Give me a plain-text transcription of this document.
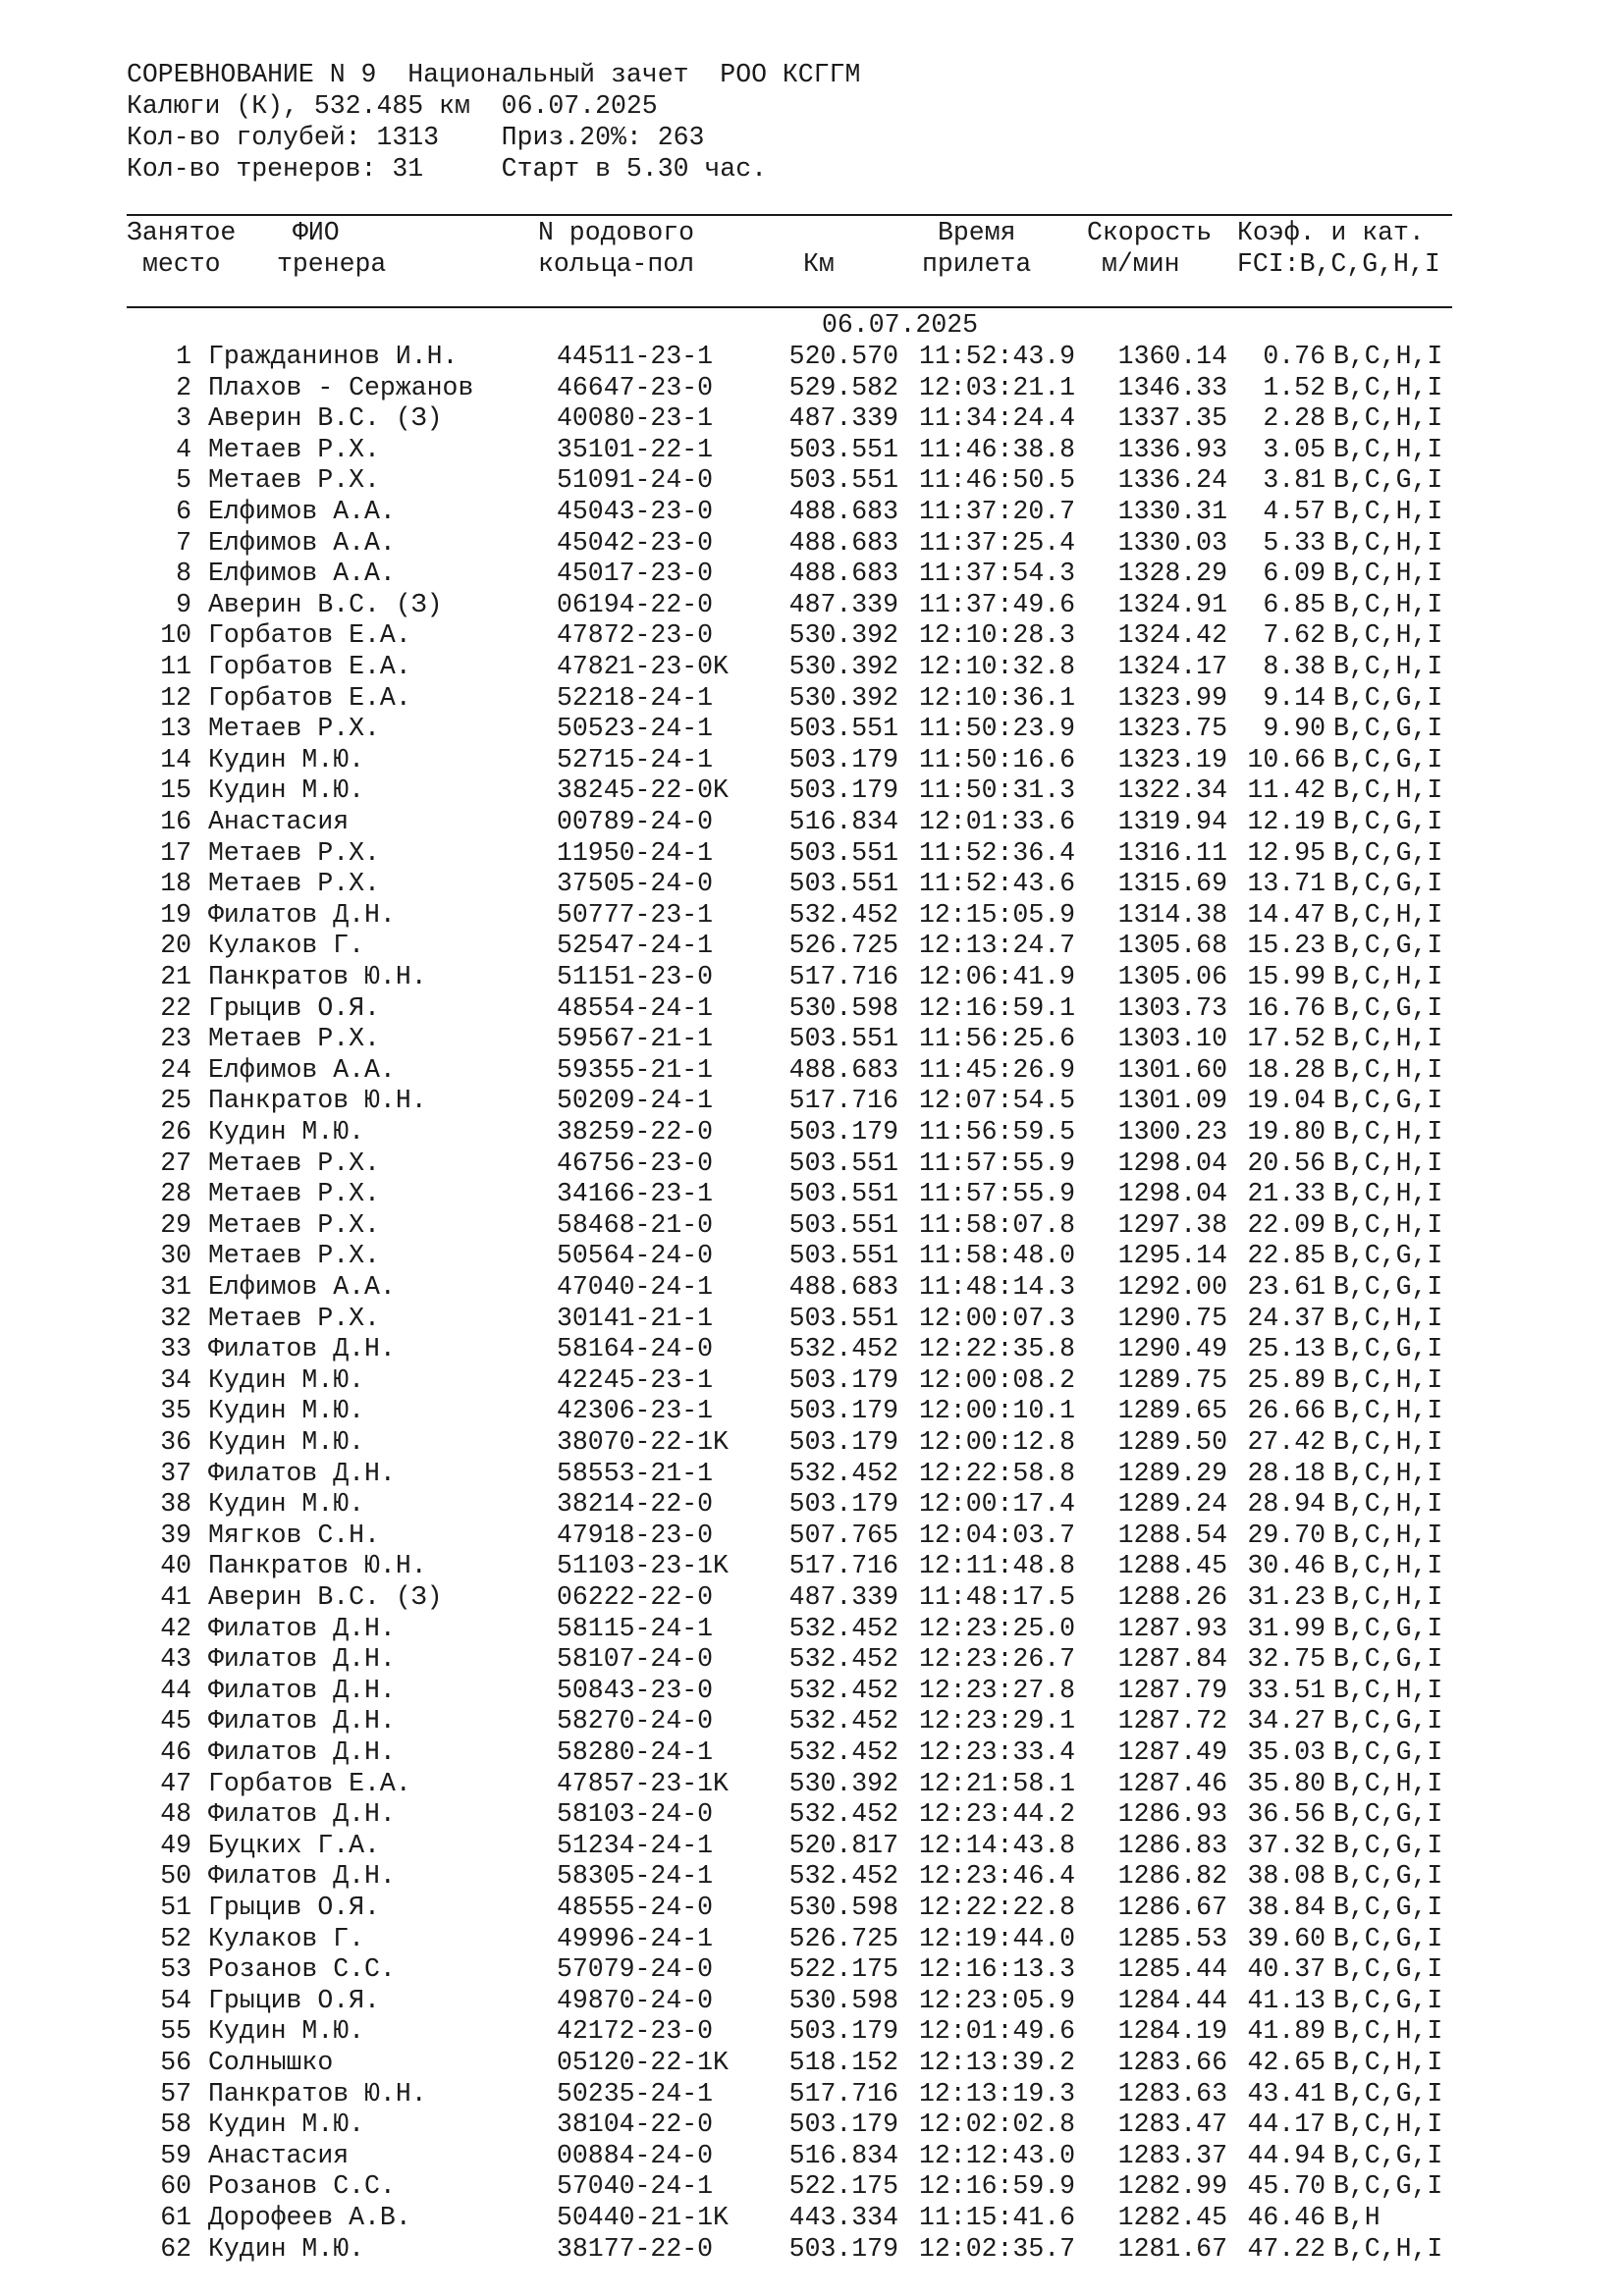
СОРЕВНОВАНИЕ N 9  Национальный зачет  РОО КСГГМ
Калюги (К), 532.485 км  06.07.2025
Кол-во голубей: 1313    Приз.20%: 263
Кол-во тренеров: 31     Старт в 5.30 час.
Занятое ФИО	N родового	Время	Скорость Коэф. и кат.
место тренера	кольца-пол	Км	прилета	м/мин FCI:B,C,G,H,I
06.07.2025
1 Гражданинов И.Н.	44511-23-1	520.570 11:52:43.9	1360.14	0.76 B,C,H,I
2 Плахов - Сержанов	46647-23-0	529.582 12:03:21.1	1346.33	1.52 B,C,H,I
3 Аверин В.С. (З)	40080-23-1	487.339 11:34:24.4	1337.35	2.28 B,C,H,I
4 Метаев Р.Х.	35101-22-1	503.551 11:46:38.8	1336.93	3.05 B,C,H,I
5 Метаев Р.Х.	51091-24-0	503.551 11:46:50.5	1336.24	3.81 B,C,G,I
6 Елфимов А.А.	45043-23-0	488.683 11:37:20.7	1330.31	4.57 B,C,H,I
7 Елфимов А.А.	45042-23-0	488.683 11:37:25.4	1330.03	5.33 B,C,H,I
8 Елфимов А.А.	45017-23-0	488.683 11:37:54.3	1328.29	6.09 B,C,H,I
9 Аверин В.С. (З)	06194-22-0	487.339 11:37:49.6	1324.91	6.85 B,C,H,I
10 Горбатов Е.А.	47872-23-0	530.392 12:10:28.3	1324.42	7.62 B,C,H,I
11 Горбатов Е.А.	47821-23-0K	530.392 12:10:32.8	1324.17	8.38 B,C,H,I
12 Горбатов Е.А.	52218-24-1	530.392 12:10:36.1	1323.99	9.14 B,C,G,I
13 Метаев Р.Х.	50523-24-1	503.551 11:50:23.9	1323.75	9.90 B,C,G,I
14 Кудин М.Ю.	52715-24-1	503.179 11:50:16.6	1323.19 10.66 B,C,G,I
15 Кудин М.Ю.	38245-22-0K	503.179 11:50:31.3	1322.34 11.42 B,C,H,I
16 Анастасия	00789-24-0	516.834 12:01:33.6	1319.94 12.19 B,C,G,I
17 Метаев Р.Х.	11950-24-1	503.551 11:52:36.4	1316.11 12.95 B,C,G,I
18 Метаев Р.Х.	37505-24-0	503.551 11:52:43.6	1315.69 13.71 B,C,G,I
19 Филатов Д.Н.	50777-23-1	532.452 12:15:05.9	1314.38 14.47 B,C,H,I
20 Кулаков Г.	52547-24-1	526.725 12:13:24.7	1305.68 15.23 B,C,G,I
21 Панкратов Ю.Н.	51151-23-0	517.716 12:06:41.9	1305.06 15.99 B,C,H,I
22 Грыцив О.Я.	48554-24-1	530.598 12:16:59.1	1303.73 16.76 B,C,G,I
23 Метаев Р.Х.	59567-21-1	503.551 11:56:25.6	1303.10 17.52 B,C,H,I
24 Елфимов А.А.	59355-21-1	488.683 11:45:26.9	1301.60 18.28 B,C,H,I
25 Панкратов Ю.Н.	50209-24-1	517.716 12:07:54.5	1301.09 19.04 B,C,G,I
26 Кудин М.Ю.	38259-22-0	503.179 11:56:59.5	1300.23 19.80 B,C,H,I
27 Метаев Р.Х.	46756-23-0	503.551 11:57:55.9	1298.04 20.56 B,C,H,I
28 Метаев Р.Х.	34166-23-1	503.551 11:57:55.9	1298.04 21.33 B,C,H,I
29 Метаев Р.Х.	58468-21-0	503.551 11:58:07.8	1297.38 22.09 B,C,H,I
30 Метаев Р.Х.	50564-24-0	503.551 11:58:48.0	1295.14 22.85 B,C,G,I
31 Елфимов А.А.	47040-24-1	488.683 11:48:14.3	1292.00 23.61 B,C,G,I
32 Метаев Р.Х.	30141-21-1	503.551 12:00:07.3	1290.75 24.37 B,C,H,I
33 Филатов Д.Н.	58164-24-0	532.452 12:22:35.8	1290.49 25.13 B,C,G,I
34 Кудин М.Ю.	42245-23-1	503.179 12:00:08.2	1289.75 25.89 B,C,H,I
35 Кудин М.Ю.	42306-23-1	503.179 12:00:10.1	1289.65 26.66 B,C,H,I
36 Кудин М.Ю.	38070-22-1K	503.179 12:00:12.8	1289.50 27.42 B,C,H,I
37 Филатов Д.Н.	58553-21-1	532.452 12:22:58.8	1289.29 28.18 B,C,H,I
38 Кудин М.Ю.	38214-22-0	503.179 12:00:17.4	1289.24 28.94 B,C,H,I
39 Мягков С.Н.	47918-23-0	507.765 12:04:03.7	1288.54 29.70 B,C,H,I
40 Панкратов Ю.Н.	51103-23-1K	517.716 12:11:48.8	1288.45 30.46 B,C,H,I
41 Аверин В.С. (З)	06222-22-0	487.339 11:48:17.5	1288.26 31.23 B,C,H,I
42 Филатов Д.Н.	58115-24-1	532.452 12:23:25.0	1287.93 31.99 B,C,G,I
43 Филатов Д.Н.	58107-24-0	532.452 12:23:26.7	1287.84 32.75 B,C,G,I
44 Филатов Д.Н.	50843-23-0	532.452 12:23:27.8	1287.79 33.51 B,C,H,I
45 Филатов Д.Н.	58270-24-0	532.452 12:23:29.1	1287.72 34.27 B,C,G,I
46 Филатов Д.Н.	58280-24-1	532.452 12:23:33.4	1287.49 35.03 B,C,G,I
47 Горбатов Е.А.	47857-23-1K	530.392 12:21:58.1	1287.46 35.80 B,C,H,I
48 Филатов Д.Н.	58103-24-0	532.452 12:23:44.2	1286.93 36.56 B,C,G,I
49 Буцких Г.А.	51234-24-1	520.817 12:14:43.8	1286.83 37.32 B,C,G,I
50 Филатов Д.Н.	58305-24-1	532.452 12:23:46.4	1286.82 38.08 B,C,G,I
51 Грыцив О.Я.	48555-24-0	530.598 12:22:22.8	1286.67 38.84 B,C,G,I
52 Кулаков Г.	49996-24-1	526.725 12:19:44.0	1285.53 39.60 B,C,G,I
53 Розанов С.С.	57079-24-0	522.175 12:16:13.3	1285.44 40.37 B,C,G,I
54 Грыцив О.Я.	49870-24-0	530.598 12:23:05.9	1284.44 41.13 B,C,G,I
55 Кудин М.Ю.	42172-23-0	503.179 12:01:49.6	1284.19 41.89 B,C,H,I
56 Солнышко	05120-22-1K	518.152 12:13:39.2	1283.66 42.65 B,C,H,I
57 Панкратов Ю.Н.	50235-24-1	517.716 12:13:19.3	1283.63 43.41 B,C,G,I
58 Кудин М.Ю.	38104-22-0	503.179 12:02:02.8	1283.47 44.17 B,C,H,I
59 Анастасия	00884-24-0	516.834 12:12:43.0	1283.37 44.94 B,C,G,I
60 Розанов С.С.	57040-24-1	522.175 12:16:59.9	1282.99 45.70 B,C,G,I
61 Дорофеев А.В.	50440-21-1K	443.334 11:15:41.6	1282.45 46.46 B,H
62 Кудин М.Ю.	38177-22-0	503.179 12:02:35.7	1281.67 47.22 B,C,H,I
